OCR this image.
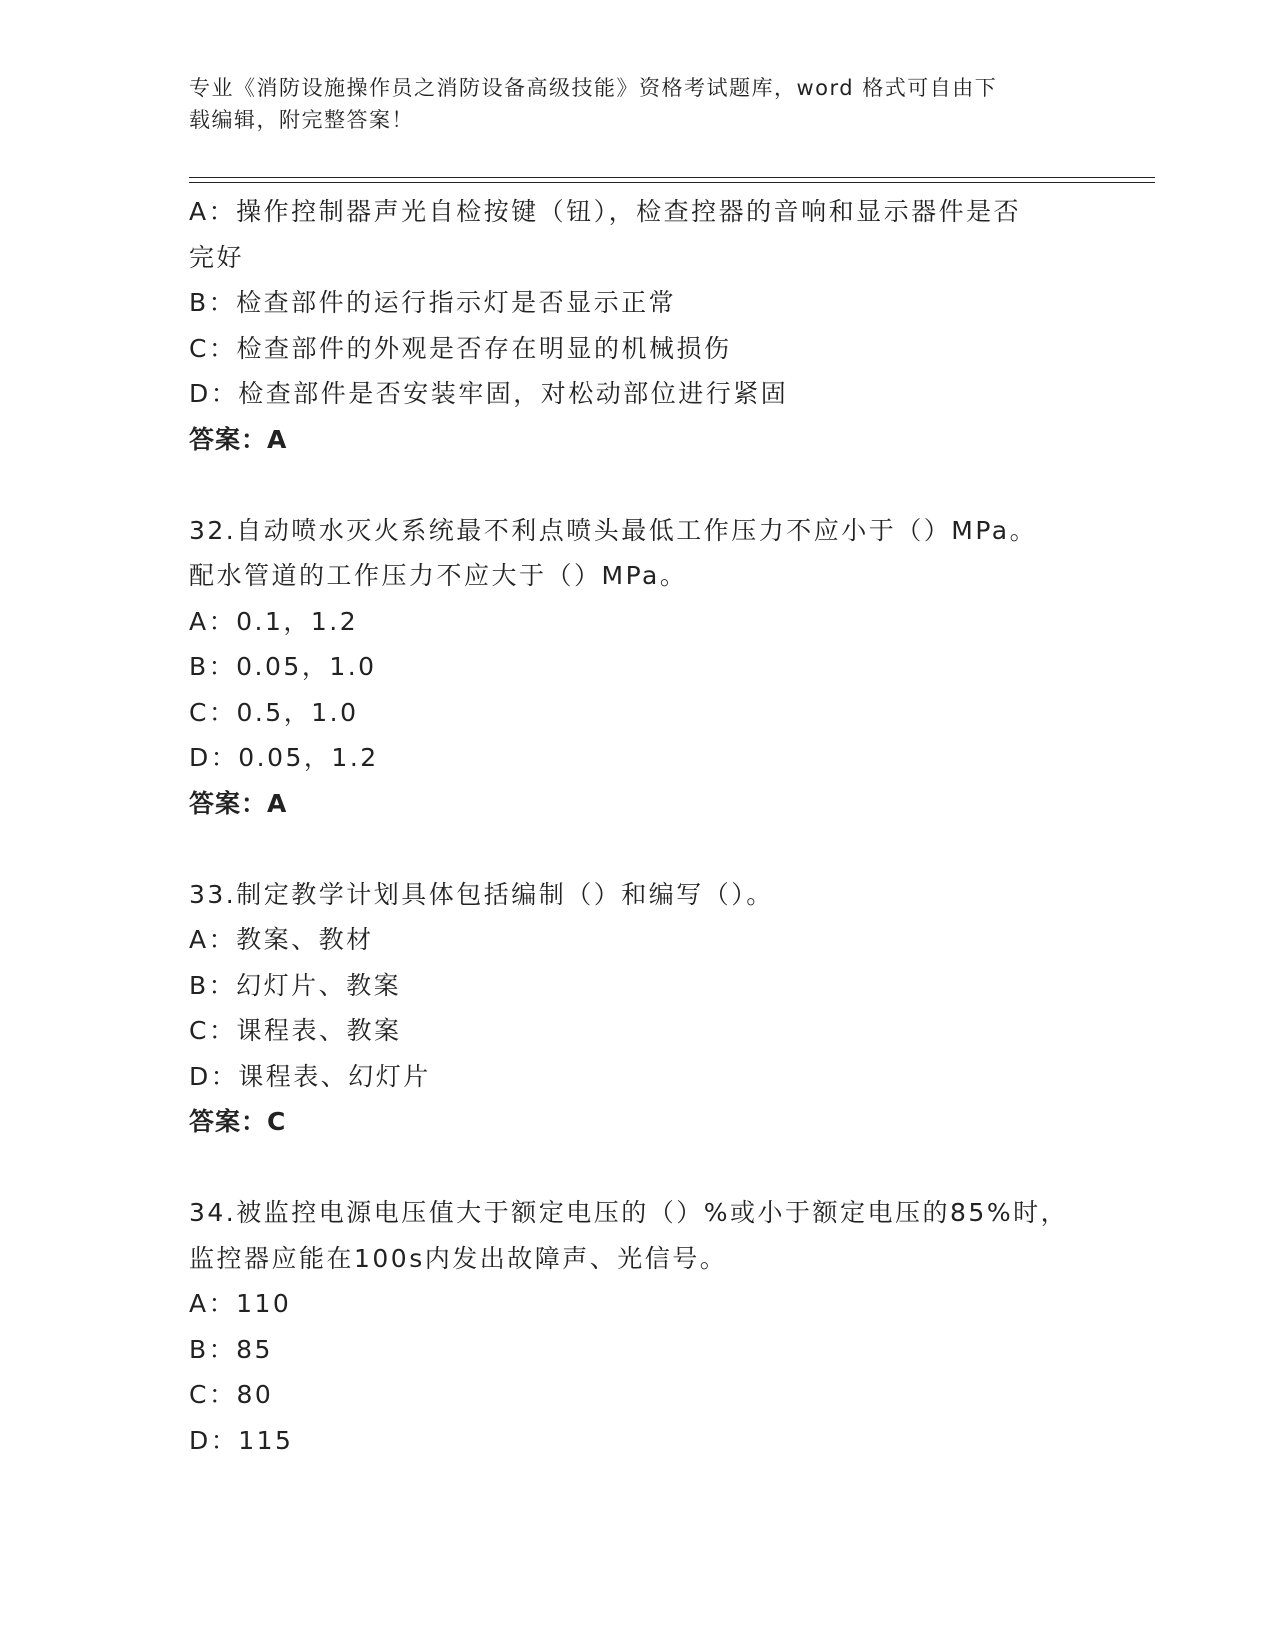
专业《消防设施操作员之消防设备高级技能》资格考试题库，word 格式可自由下
载编辑，附完整答案！
A：操作控制器声光自检按键（钮），检查控器的音响和显示器件是否
完好
B：检查部件的运行指示灯是否显示正常
C：检查部件的外观是否存在明显的机械损伤
D：检查部件是否安装牢固，对松动部位进行紧固
答案：A
32.自动喷水灭火系统最不利点喷头最低工作压力不应小于（）MPa。
配水管道的工作压力不应大于（）MPa。
A：0.1，1.2
B：0.05，1.0
C：0.5，1.0
D：0.05，1.2
答案：A
33.制定教学计划具体包括编制（）和编写（）。
A：教案、教材
B：幻灯片、教案
C：课程表、教案
D：课程表、幻灯片
答案：C
34.被监控电源电压值大于额定电压的（）%或小于额定电压的85%时，
监控器应能在100s内发出故障声、光信号。
A：110
B：85
C：80
D：115
